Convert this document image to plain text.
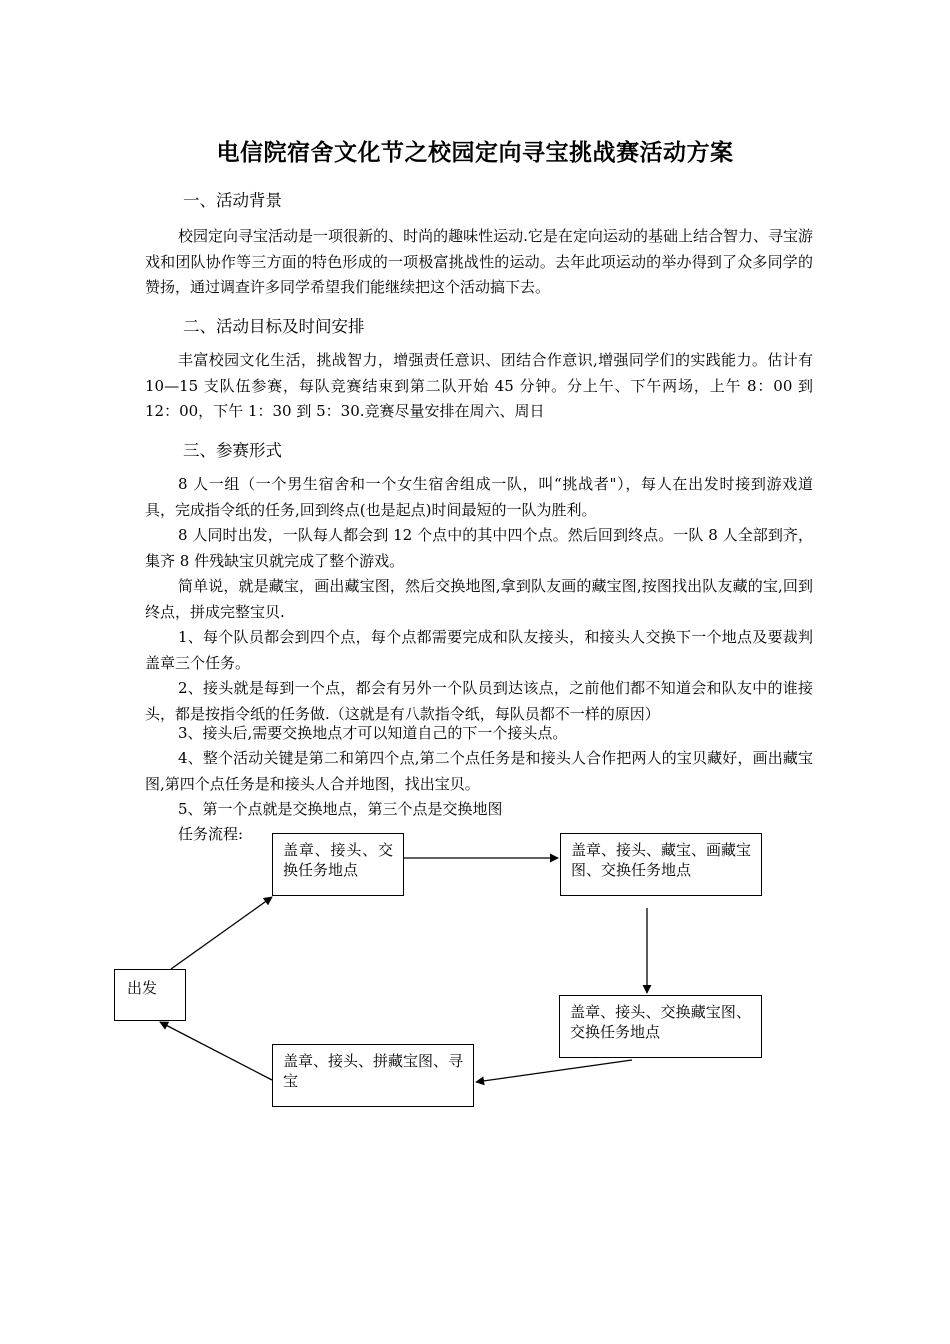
电信院宿舍文化节之校园定向寻宝挑战赛活动方案
一、活动背景
校园定向寻宝活动是一项很新的、时尚的趣味性运动.它是在定向运动的基础上结合智力、寻宝游戏和团队协作等三方面的特色形成的一项极富挑战性的运动。去年此项运动的举办得到了众多同学的赞扬，通过调查许多同学希望我们能继续把这个活动搞下去。
二、活动目标及时间安排
丰富校园文化生活，挑战智力，增强责任意识、团结合作意识,增强同学们的实践能力。估计有 10—15 支队伍参赛，每队竞赛结束到第二队开始 45 分钟。分上午、下午两场，上午 8：00 到 12：00，下午 1：30 到 5：30.竞赛尽量安排在周六、周日
三、参赛形式
8 人一组（一个男生宿舍和一个女生宿舍组成一队，叫“挑战者"），每人在出发时接到游戏道具，完成指令纸的任务,回到终点(也是起点)时间最短的一队为胜利。
8 人同时出发，一队每人都会到 12 个点中的其中四个点。然后回到终点。一队 8 人全部到齐，集齐 8 件残缺宝贝就完成了整个游戏。
简单说，就是藏宝，画出藏宝图，然后交换地图,拿到队友画的藏宝图,按图找出队友藏的宝,回到终点，拼成完整宝贝.
1、每个队员都会到四个点，每个点都需要完成和队友接头，和接头人交换下一个地点及要裁判盖章三个任务。
2、接头就是每到一个点，都会有另外一个队员到达该点，之前他们都不知道会和队友中的谁接头，都是按指令纸的任务做.（这就是有八款指令纸，每队员都不一样的原因）
3、接头后,需要交换地点才可以知道自己的下一个接头点。
4、整个活动关键是第二和第四个点,第二个点任务是和接头人合作把两人的宝贝藏好，画出藏宝图,第四个点任务是和接头人合并地图，找出宝贝。
5、第一个点就是交换地点，第三个点是交换地图
任务流程:
出发
盖章、接头、交换任务地点
盖章、接头、藏宝、画藏宝图、交换任务地点
盖章、接头、交换藏宝图、交换任务地点
盖章、接头、拼藏宝图、寻宝
